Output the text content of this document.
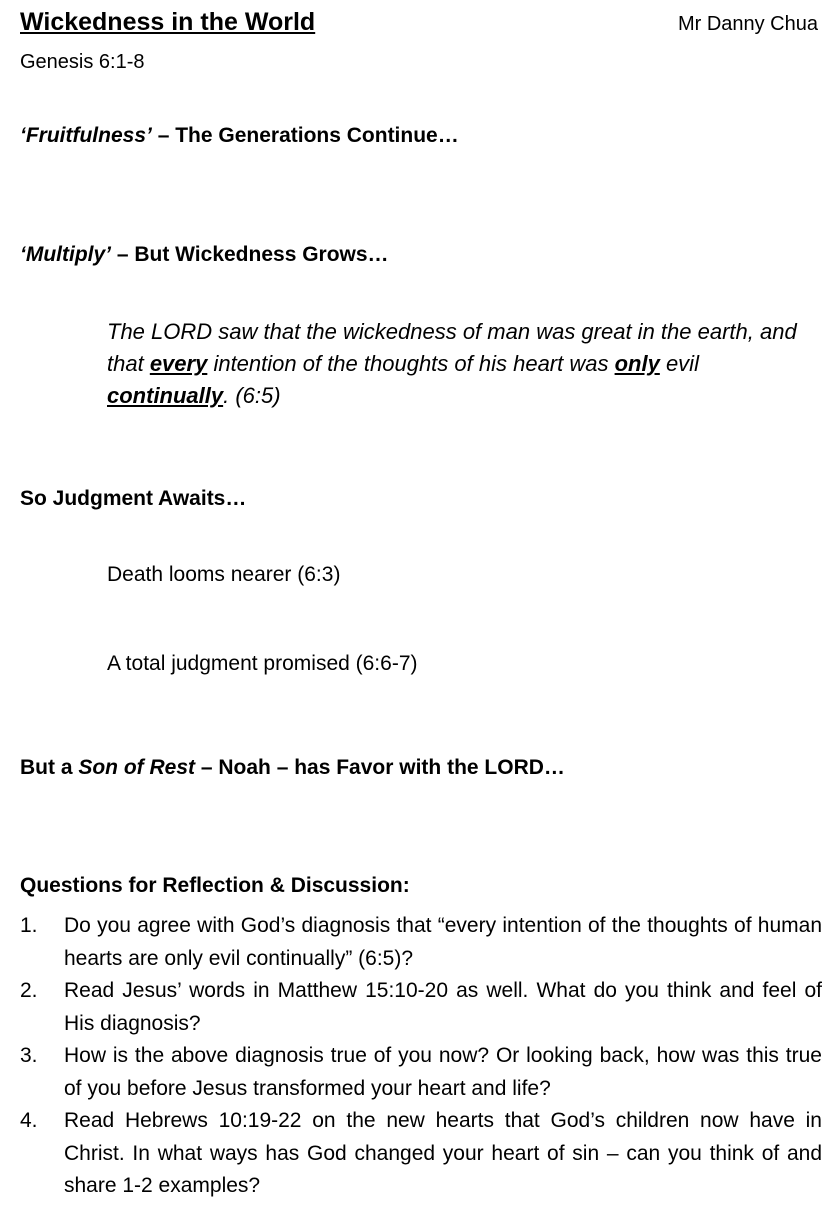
Wickedness in the World	Mr Danny Chua
Genesis 6:1-8
‘Fruitfulness’ – The Generations Continue…
‘Multiply’ – But Wickedness Grows…
The LORD saw that the wickedness of man was great in the earth, and that every intention of the thoughts of his heart was only evil continually. (6:5)
So Judgment Awaits…
Death looms nearer (6:3)
A total judgment promised (6:6-7)
But a Son of Rest – Noah – has Favor with the LORD…
Questions for Reflection & Discussion:
1. Do you agree with God’s diagnosis that “every intention of the thoughts of human hearts are only evil continually” (6:5)?
2. Read Jesus’ words in Matthew 15:10-20 as well. What do you think and feel of His diagnosis?
3. How is the above diagnosis true of you now? Or looking back, how was this true of you before Jesus transformed your heart and life?
4. Read Hebrews 10:19-22 on the new hearts that God’s children now have in Christ. In what ways has God changed your heart of sin – can you think of and share 1-2 examples?
